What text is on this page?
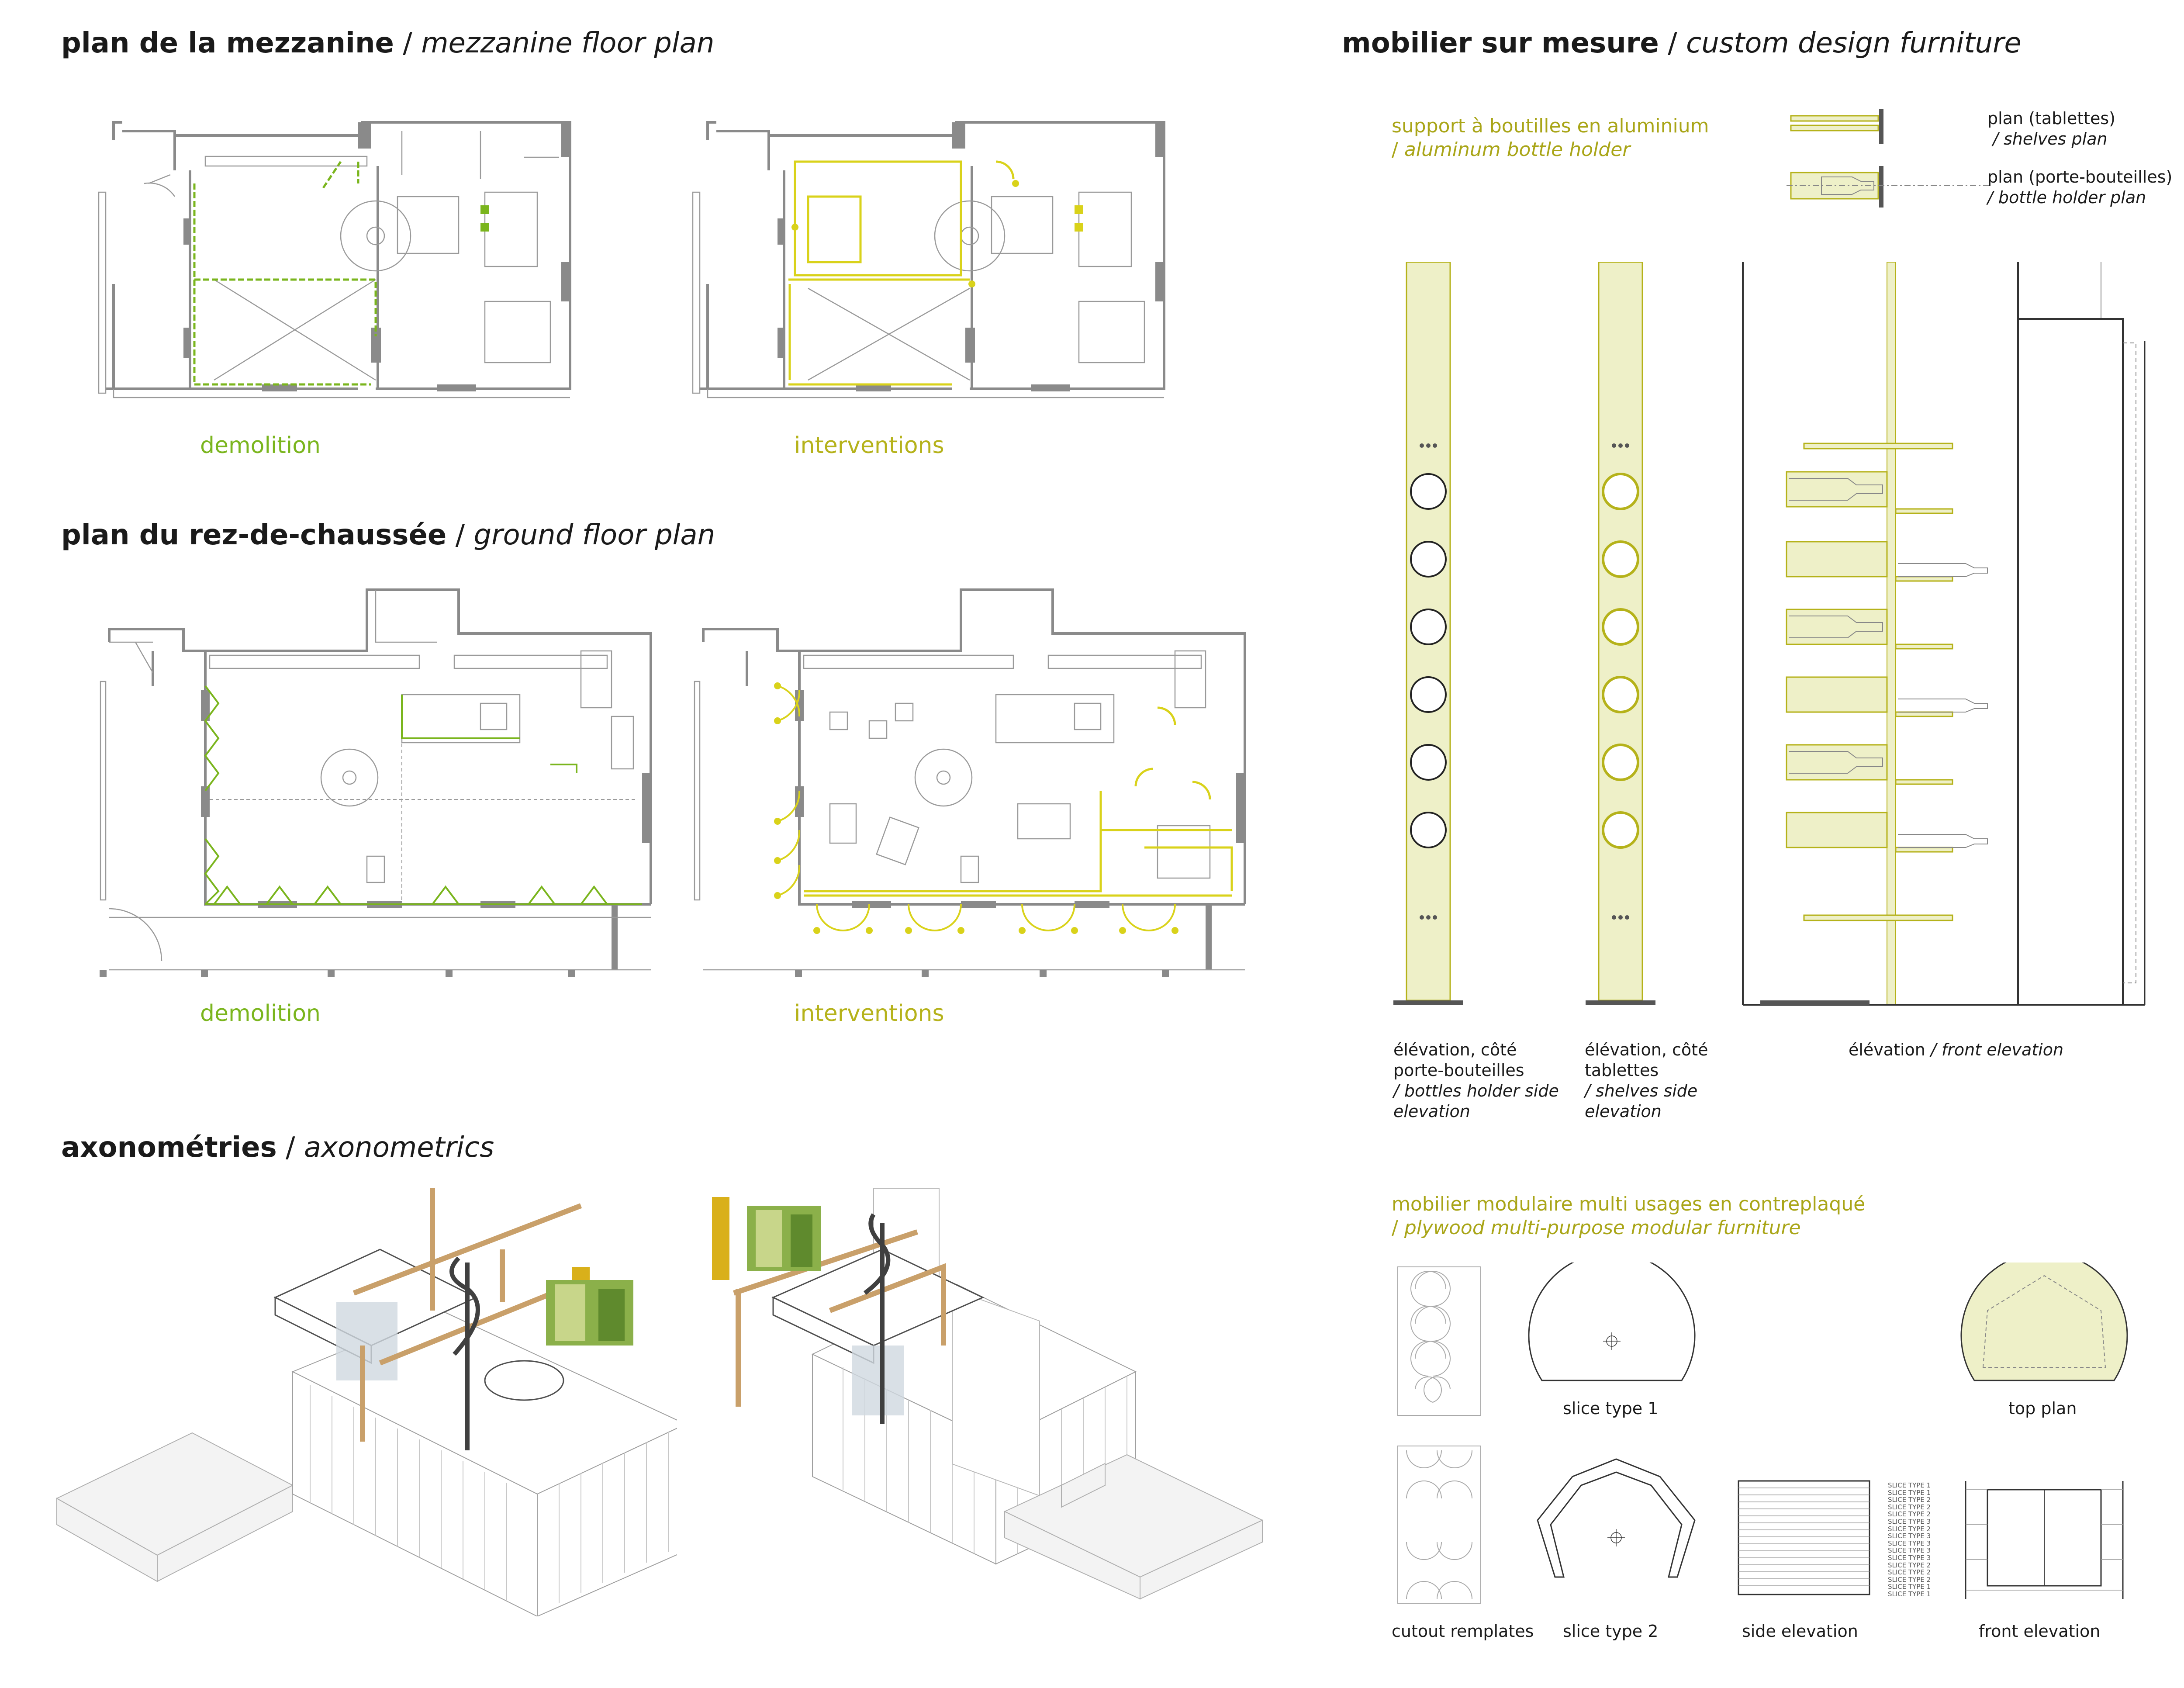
plan de la mezzanine / mezzanine floor plan
plan du rez-de-chaussée / ground floor plan
axonométries / axonometrics
mobilier sur mesure / custom design furniture
demolition	interventions
demolition	interventions
support à boutilles en aluminium
/ aluminum bottle holder
plan (tablettes)
/ shelves plan
plan (porte-bouteilles)
/ bottle holder plan
élévation, côté
porte-bouteilles
/ bottles holder side
elevation
élévation, côté
tablettes
/ shelves side
elevation
élévation / front elevation
mobilier modulaire multi usages en contreplaqué
/ plywood multi-purpose modular furniture
SLICE TYPE 1
SLICE TYPE 1
SLICE TYPE 2
SLICE TYPE 2
SLICE TYPE 2
SLICE TYPE 3
SLICE TYPE 2
SLICE TYPE 3
SLICE TYPE 3
SLICE TYPE 3
SLICE TYPE 3
SLICE TYPE 2
SLICE TYPE 2
SLICE TYPE 2
SLICE TYPE 1
SLICE TYPE 1
slice type 1	top plan
cutout remplates slice type 2	side elevation	front elevation
